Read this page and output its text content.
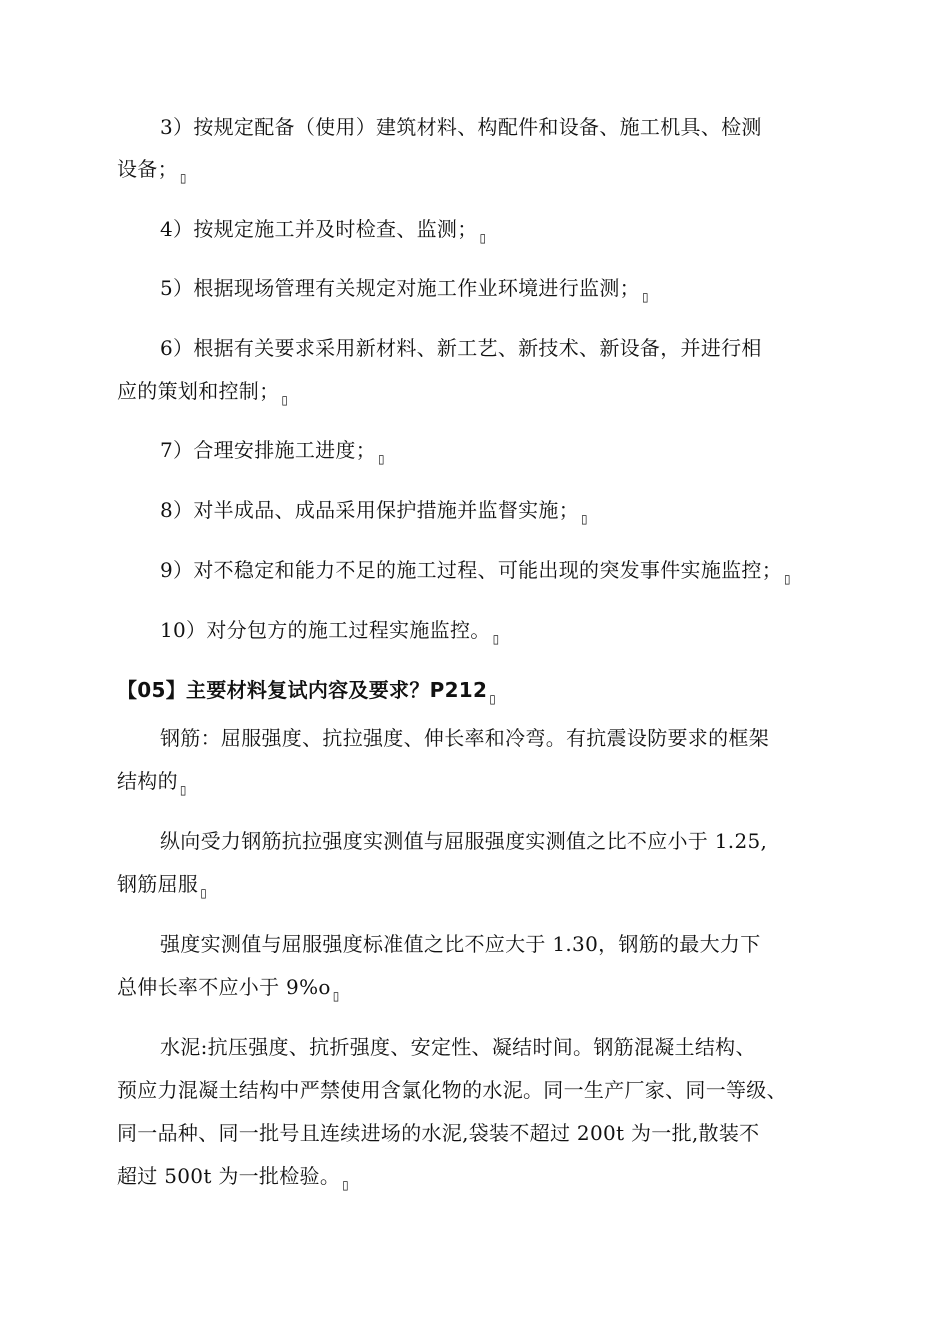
3）按规定配备（使用）建筑材料、构配件和设备、施工机具、检测
设备； ▯
4）按规定施工并及时检查、监测； ▯
5）根据现场管理有关规定对施工作业环境进行监测； ▯
6）根据有关要求采用新材料、新工艺、新技术、新设备，并进行相
应的策划和控制； ▯
7）合理安排施工进度； ▯
8）对半成品、成品采用保护措施并监督实施； ▯
9）对不稳定和能力不足的施工过程、可能出现的突发事件实施监控； ▯
10）对分包方的施工过程实施监控。 ▯
【05】主要材料复试内容及要求？P212 ▯
钢筋：屈服强度、抗拉强度、伸长率和冷弯。有抗震设防要求的框架
结构的 ▯
纵向受力钢筋抗拉强度实测值与屈服强度实测值之比不应小于 1.25,
钢筋屈服 ▯
强度实测值与屈服强度标准值之比不应大于 1.30，钢筋的最大力下
总伸长率不应小于 9%o ▯
水泥:抗压强度、抗折强度、安定性、凝结时间。钢筋混凝土结构、
预应力混凝土结构中严禁使用含氯化物的水泥。同一生产厂家、同一等级、
同一品种、同一批号且连续进场的水泥,袋装不超过 200t 为一批,散装不
超过 500t 为一批检验。 ▯
